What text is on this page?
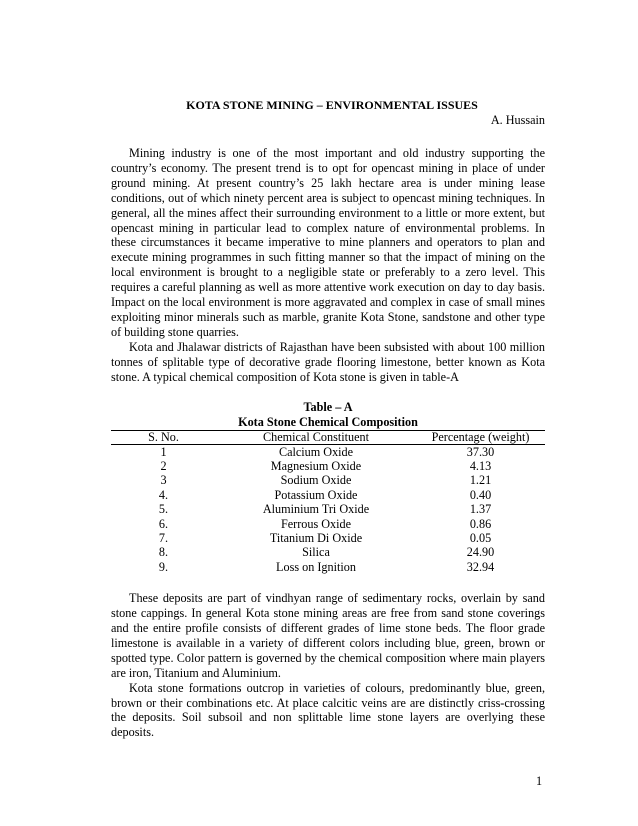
KOTA STONE MINING – ENVIRONMENTAL ISSUES
A. Hussain

Mining industry is one of the most important and old industry supporting the country’s economy. The present trend is to opt for opencast mining in place of under ground mining. At present country’s 25 lakh hectare area is under mining lease conditions, out of which ninety percent area is subject to opencast mining techniques. In general, all the mines affect their surrounding environment to a little or more extent, but opencast mining in particular lead to complex nature of environmental problems. In these circumstances it became imperative to mine planners and operators to plan and execute mining programmes in such fitting manner so that the impact of mining on the local environment is brought to a negligible state or preferably to a zero level. This requires a careful planning as well as more attentive work execution on day to day basis. Impact on the local environment is more aggravated and complex in case of small mines exploiting minor minerals such as marble, granite Kota Stone, sandstone and other type of building stone quarries.

Kota and Jhalawar districts of Rajasthan have been subsisted with about 100 million tonnes of splitable type of decorative grade flooring limestone, better known as Kota stone. A typical chemical composition of Kota stone is given in table-A

Table – A
Kota Stone Chemical Composition
S. No.	Chemical Constituent	Percentage (weight)
1	Calcium Oxide	37.30
2	Magnesium Oxide	4.13
3	Sodium Oxide	1.21
4.	Potassium Oxide	0.40
5.	Aluminium Tri Oxide	1.37
6.	Ferrous Oxide	0.86
7.	Titanium Di Oxide	0.05
8.	Silica	24.90
9.	Loss on Ignition	32.94

These deposits are part of vindhyan range of sedimentary rocks, overlain by sand stone cappings. In general Kota stone mining areas are free from sand stone coverings and the entire profile consists of different grades of lime stone beds. The floor grade limestone is available in a variety of different colors including blue, green, brown or spotted type. Color pattern is governed by the chemical composition where main players are iron, Titanium and Aluminium.

Kota stone formations outcrop in varieties of colours, predominantly blue, green, brown or their combinations etc. At place calcitic veins are are distinctly criss-crossing the deposits. Soil subsoil and non splittable lime stone layers are overlying these deposits.

1
